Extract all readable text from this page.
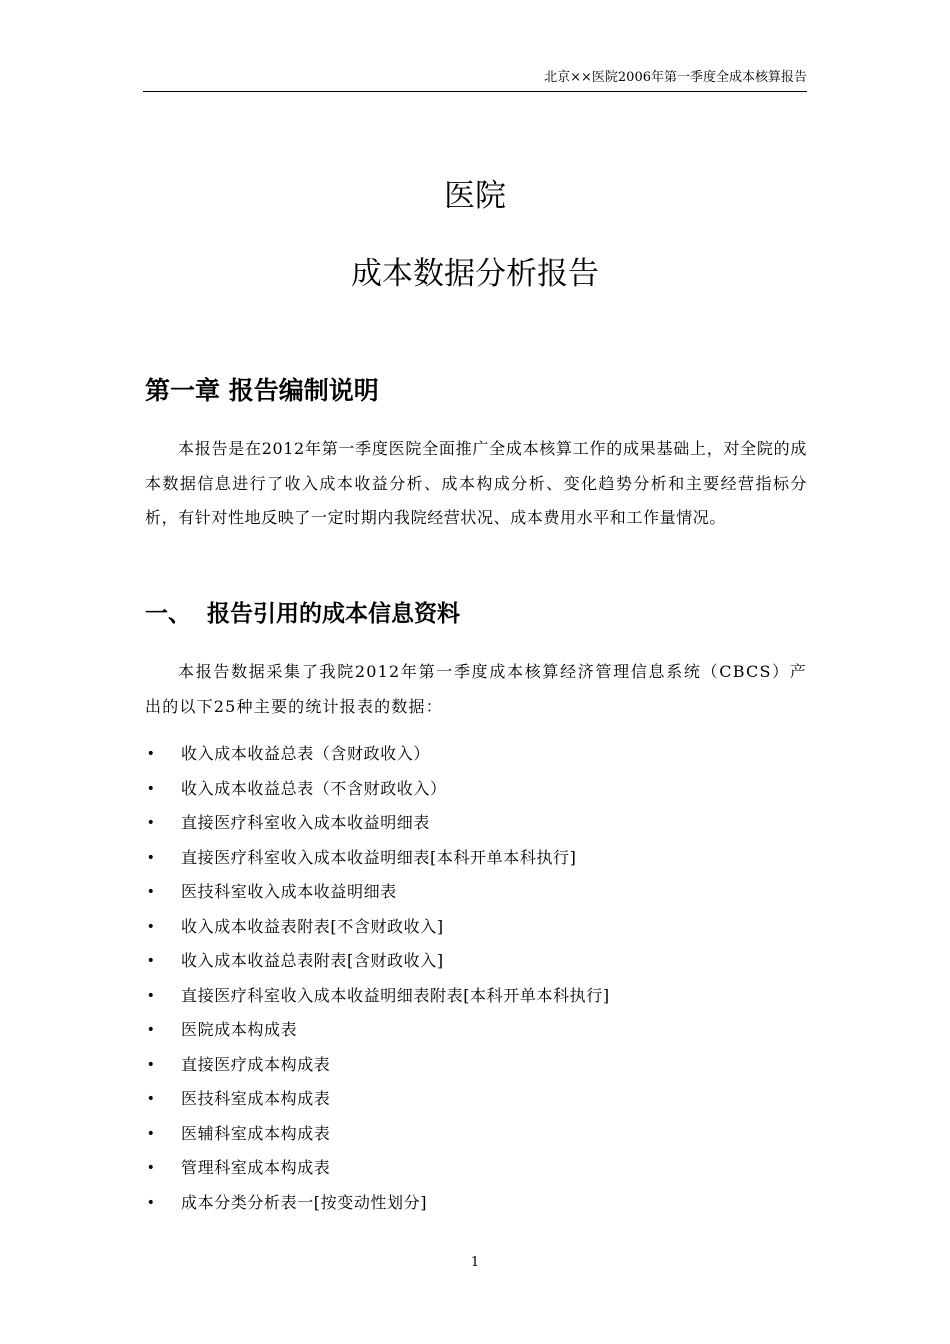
北京××医院2006年第一季度全成本核算报告
医院
成本数据分析报告
第一章 报告编制说明

本报告是在2012年第一季度医院全面推广全成本核算工作的成果基础上，对全院的成本数据信息进行了收入成本收益分析、成本构成分析、变化趋势分析和主要经营指标分析，有针对性地反映了一定时期内我院经营状况、成本费用水平和工作量情况。

一、 报告引用的成本信息资料

本报告数据采集了我院2012年第一季度成本核算经济管理信息系统（CBCS）产出的以下25种主要的统计报表的数据：

• 收入成本收益总表（含财政收入）
• 收入成本收益总表（不含财政收入）
• 直接医疗科室收入成本收益明细表
• 直接医疗科室收入成本收益明细表[本科开单本科执行]
• 医技科室收入成本收益明细表
• 收入成本收益表附表[不含财政收入]
• 收入成本收益总表附表[含财政收入]
• 直接医疗科室收入成本收益明细表附表[本科开单本科执行]
• 医院成本构成表
• 直接医疗成本构成表
• 医技科室成本构成表
• 医辅科室成本构成表
• 管理科室成本构成表
• 成本分类分析表一[按变动性划分]
1
